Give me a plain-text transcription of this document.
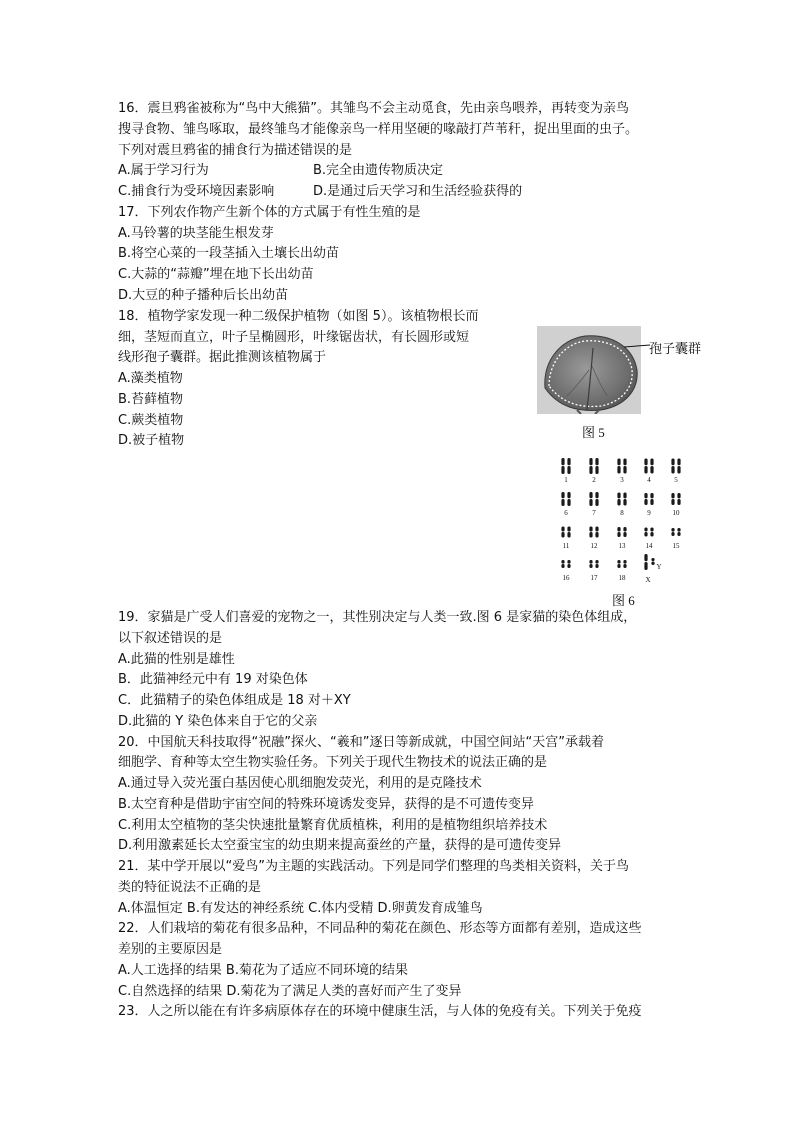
16．震旦鸦雀被称为“鸟中大熊猫”。其雏鸟不会主动觅食，先由亲鸟喂养，再转变为亲鸟
搜寻食物、雏鸟啄取，最终雏鸟才能像亲鸟一样用坚硬的喙敲打芦苇秆，捉出里面的虫子。
下列对震旦鸦雀的捕食行为描述错误的是
A.属于学习行为	B.完全由遗传物质决定
C.捕食行为受环境因素影响	D.是通过后天学习和生活经验获得的
17．下列农作物产生新个体的方式属于有性生殖的是
A.马铃薯的块茎能生根发芽
B.将空心菜的一段茎插入土壤长出幼苗
C.大蒜的“蒜瓣”埋在地下长出幼苗
D.大豆的种子播种后长出幼苗
18．植物学家发现一种二级保护植物（如图 5）。该植物根长而
细，茎短而直立，叶子呈椭圆形，叶缘锯齿状，有长圆形或短
线形孢子囊群。据此推测该植物属于
A.藻类植物
B.苔藓植物
C.蕨类植物
D.被子植物
孢子囊群
图 5
1	2	3	4	5
6	7	8	9	10
11	12	13	14	15
16	17	18
Y
X
图 6
19．家猫是广受人们喜爱的宠物之一，其性别决定与人类一致.图 6 是家猫的染色体组成，
以下叙述错误的是
A.此猫的性别是雄性
B．此猫神经元中有 19 对染色体
C．此猫精子的染色体组成是 18 对＋XY
D.此猫的 Y 染色体来自于它的父亲
20．中国航天科技取得“祝融”探火、“羲和”逐日等新成就，中国空间站“天宫”承载着
细胞学、育种等太空生物实验任务。下列关于现代生物技术的说法正确的是
A.通过导入荧光蛋白基因使心肌细胞发荧光，利用的是克隆技术
B.太空育种是借助宇宙空间的特殊环境诱发变异，获得的是不可遗传变异
C.利用太空植物的茎尖快速批量繁育优质植株，利用的是植物组织培养技术
D.利用激素延长太空蚕宝宝的幼虫期来提高蚕丝的产量，获得的是可遗传变异
21．某中学开展以“爱鸟”为主题的实践活动。下列是同学们整理的鸟类相关资料，关于鸟
类的特征说法不正确的是
A.体温恒定 B.有发达的神经系统 C.体内受精 D.卵黄发育成雏鸟
22．人们栽培的菊花有很多品种，不同品种的菊花在颜色、形态等方面都有差别，造成这些
差别的主要原因是
A.人工选择的结果 B.菊花为了适应不同环境的结果
C.自然选择的结果 D.菊花为了满足人类的喜好而产生了变异
23．人之所以能在有许多病原体存在的环境中健康生活，与人体的免疫有关。下列关于免疫
